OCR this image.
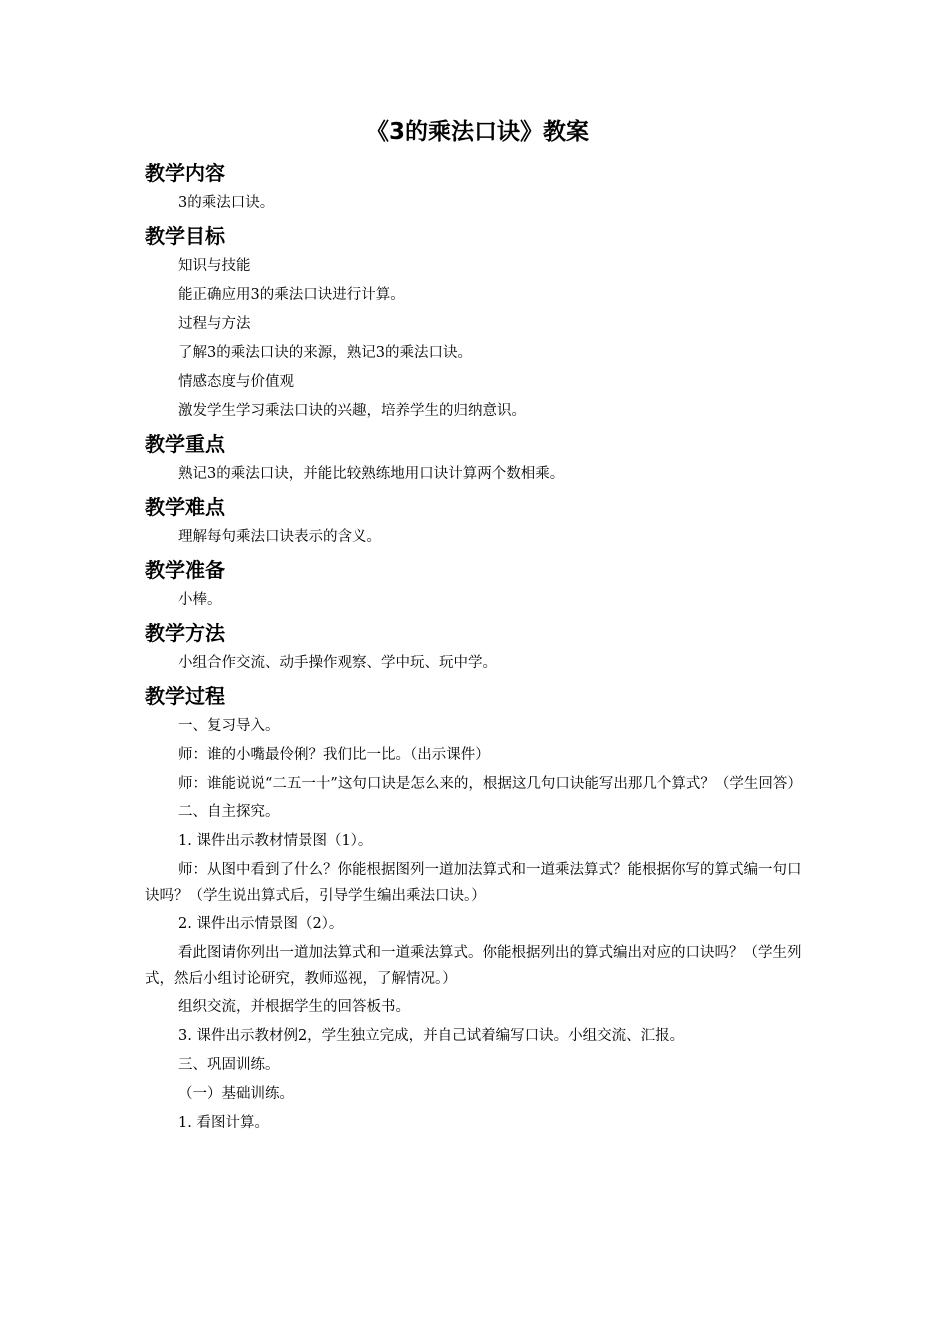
《3的乘法口诀》教案
教学内容
3的乘法口诀。
教学目标
知识与技能
能正确应用3的乘法口诀进行计算。
过程与方法
了解3的乘法口诀的来源，熟记3的乘法口诀。
情感态度与价值观
激发学生学习乘法口诀的兴趣，培养学生的归纳意识。
教学重点
熟记3的乘法口诀，并能比较熟练地用口诀计算两个数相乘。
教学难点
理解每句乘法口诀表示的含义。
教学准备
小棒。
教学方法
小组合作交流、动手操作观察、学中玩、玩中学。
教学过程
一、复习导入。
师：谁的小嘴最伶俐？我们比一比。（出示课件）
师：谁能说说“二五一十”这句口诀是怎么来的，根据这几句口诀能写出那几个算式？（学生回答）
二、自主探究。
1. 课件出示教材情景图（1）。
师：从图中看到了什么？你能根据图列一道加法算式和一道乘法算式？能根据你写的算式编一句口诀吗？（学生说出算式后，引导学生编出乘法口诀。）
2. 课件出示情景图（2）。
看此图请你列出一道加法算式和一道乘法算式。你能根据列出的算式编出对应的口诀吗？（学生列式，然后小组讨论研究，教师巡视，了解情况。）
组织交流，并根据学生的回答板书。
3. 课件出示教材例2，学生独立完成，并自己试着编写口诀。小组交流、汇报。
三、巩固训练。
（一）基础训练。
1. 看图计算。
